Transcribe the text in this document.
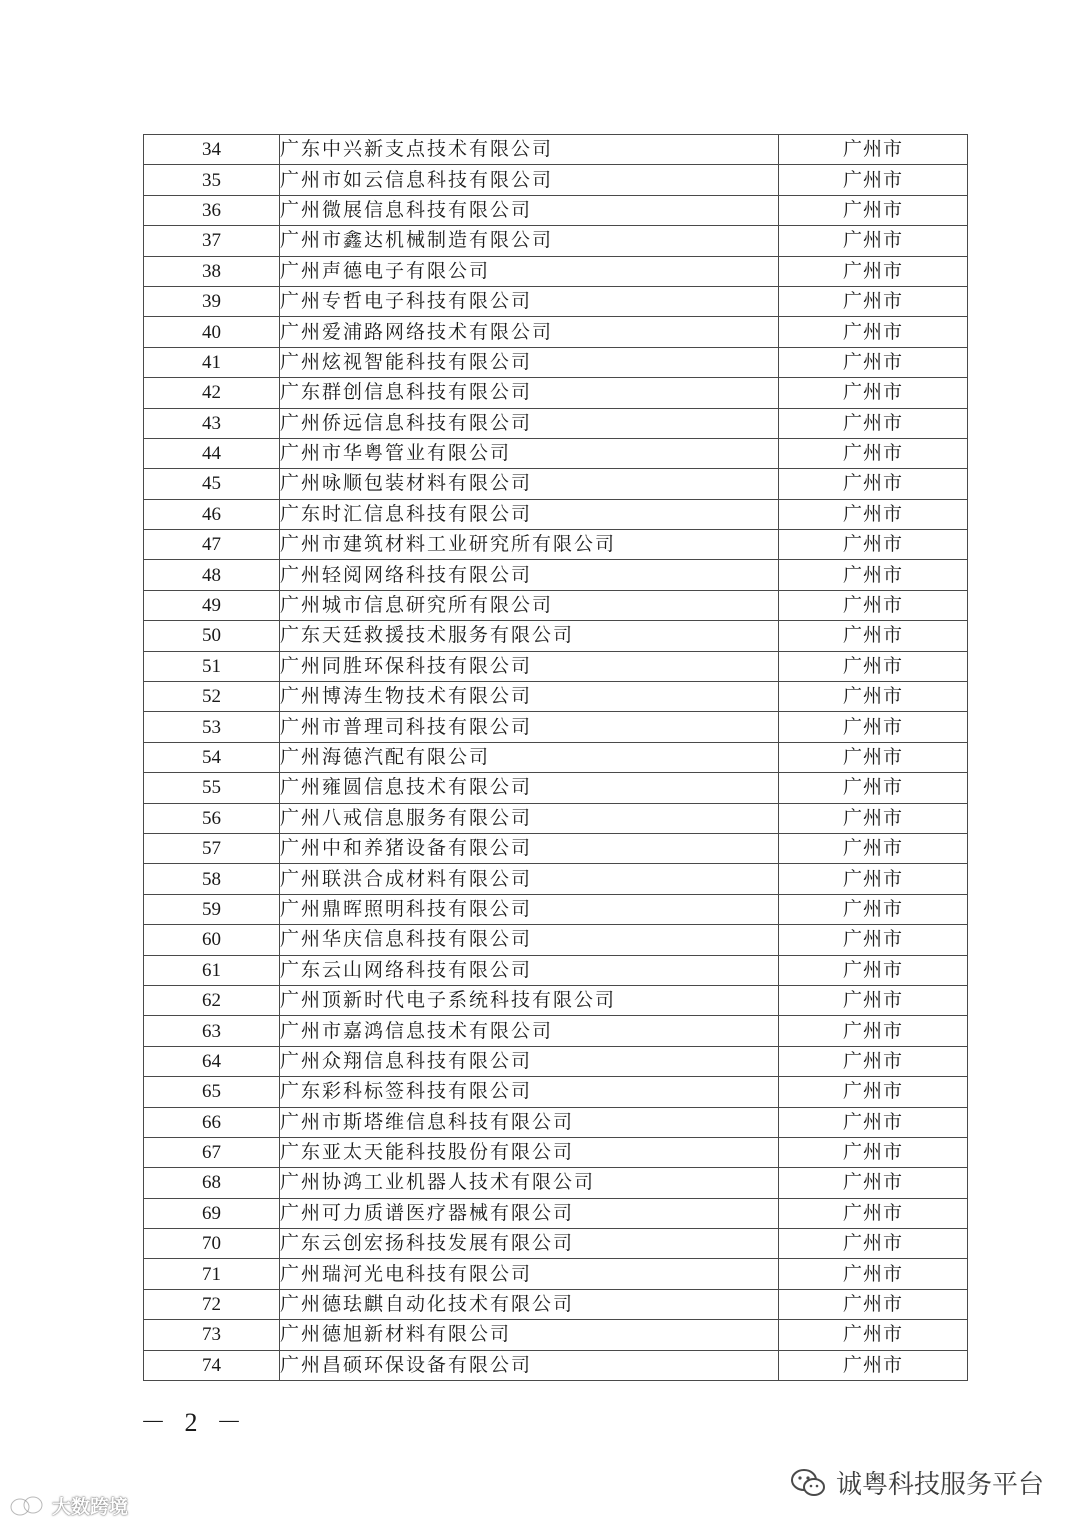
34	广东中兴新支点技术有限公司	广州市
35	广州市如云信息科技有限公司	广州市
36	广州微展信息科技有限公司	广州市
37	广州市鑫达机械制造有限公司	广州市
38	广州声德电子有限公司	广州市
39	广州专哲电子科技有限公司	广州市
40	广州爱浦路网络技术有限公司	广州市
41	广州炫视智能科技有限公司	广州市
42	广东群创信息科技有限公司	广州市
43	广州侨远信息科技有限公司	广州市
44	广州市华粤管业有限公司	广州市
45	广州咏顺包装材料有限公司	广州市
46	广东时汇信息科技有限公司	广州市
47	广州市建筑材料工业研究所有限公司	广州市
48	广州轻阅网络科技有限公司	广州市
49	广州城市信息研究所有限公司	广州市
50	广东天廷救援技术服务有限公司	广州市
51	广州同胜环保科技有限公司	广州市
52	广州博涛生物技术有限公司	广州市
53	广州市普理司科技有限公司	广州市
54	广州海德汽配有限公司	广州市
55	广州雍圆信息技术有限公司	广州市
56	广州八戒信息服务有限公司	广州市
57	广州中和养猪设备有限公司	广州市
58	广州联洪合成材料有限公司	广州市
59	广州鼎晖照明科技有限公司	广州市
60	广州华庆信息科技有限公司	广州市
61	广东云山网络科技有限公司	广州市
62	广州顶新时代电子系统科技有限公司	广州市
63	广州市嘉鸿信息技术有限公司	广州市
64	广州众翔信息科技有限公司	广州市
65	广东彩科标签科技有限公司	广州市
66	广州市斯塔维信息科技有限公司	广州市
67	广东亚太天能科技股份有限公司	广州市
68	广州协鸿工业机器人技术有限公司	广州市
69	广州可力质谱医疗器械有限公司	广州市
70	广东云创宏扬科技发展有限公司	广州市
71	广州瑞河光电科技有限公司	广州市
72	广州德珐麒自动化技术有限公司	广州市
73	广州德旭新材料有限公司	广州市
74	广州昌硕环保设备有限公司	广州市
－ 2 －
诚粤科技服务平台
大数跨境
